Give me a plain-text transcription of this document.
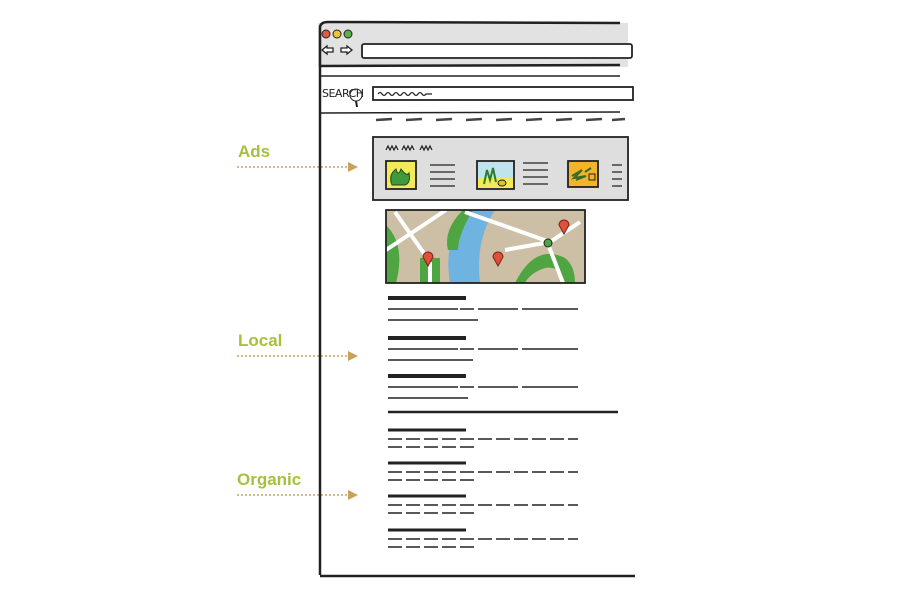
Ads
Local
Organic
SEARCH
